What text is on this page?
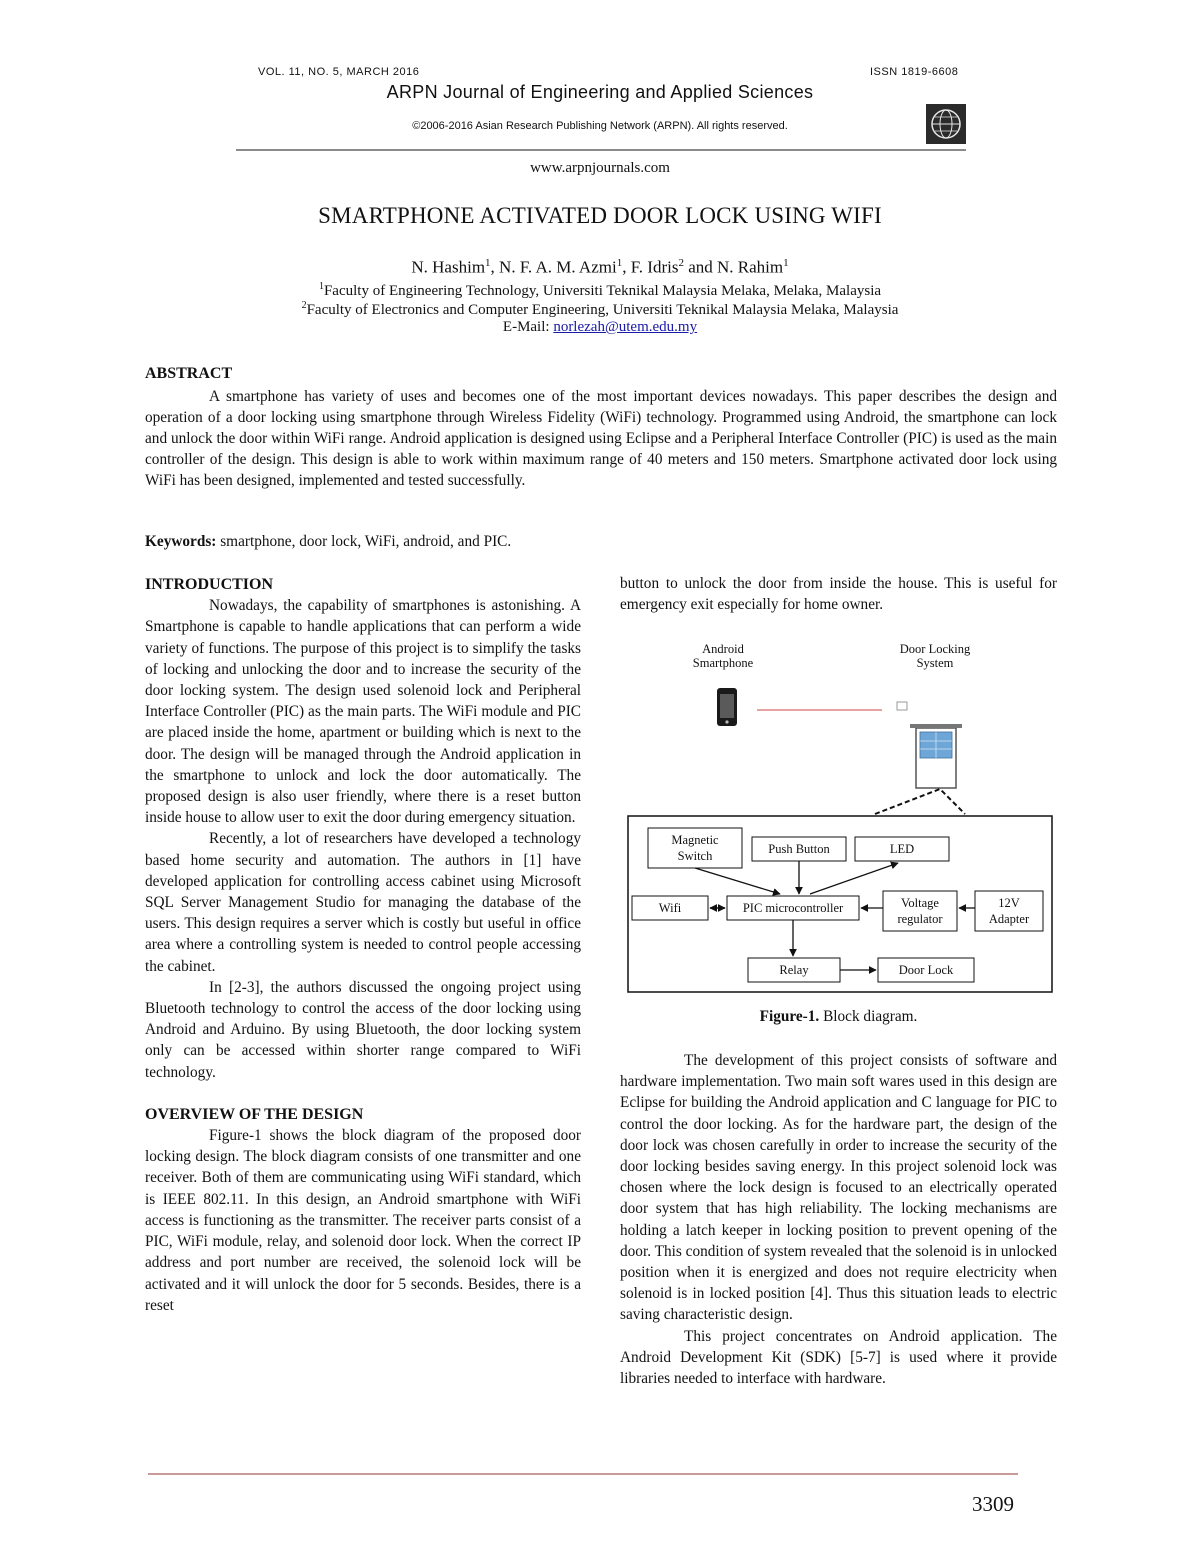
VOL. 11, NO. 5, MARCH 2016	ISSN 1819-6608
ARPN Journal of Engineering and Applied Sciences
©2006-2016 Asian Research Publishing Network (ARPN). All rights reserved.
www.arpnjournals.com
SMARTPHONE ACTIVATED DOOR LOCK USING WIFI
N. Hashim$^1$, N. F. A. M. Azmi$^1$, F. Idris$^2$ and N. Rahim$^1$
$^1$Faculty of Engineering Technology, Universiti Teknikal Malaysia Melaka, Melaka, Malaysia
$^2$Faculty of Electronics and Computer Engineering, Universiti Teknikal Malaysia Melaka, Malaysia
E-Mail: norlezah@utem.edu.my
ABSTRACT
A smartphone has variety of uses and becomes one of the most important devices nowadays. This paper describes the design and operation of a door locking using smartphone through Wireless Fidelity (WiFi) technology. Programmed using Android, the smartphone can lock and unlock the door within WiFi range. Android application is designed using Eclipse and a Peripheral Interface Controller (PIC) is used as the main controller of the design. This design is able to work within maximum range of 40 meters and 150 meters. Smartphone activated door lock using WiFi has been designed, implemented and tested successfully.
Keywords: smartphone, door lock, WiFi, android, and PIC.

INTRODUCTION

Nowadays, the capability of smartphones is astonishing. A Smartphone is capable to handle applications that can perform a wide variety of functions. The purpose of this project is to simplify the tasks of locking and unlocking the door and to increase the security of the door locking system. The design used solenoid lock and Peripheral Interface Controller (PIC) as the main parts. The WiFi module and PIC are placed inside the home, apartment or building which is next to the door. The design will be managed through the Android application in the smartphone to unlock and lock the door automatically. The proposed design is also user friendly, where there is a reset button inside house to allow user to exit the door during emergency situation.

Recently, a lot of researchers have developed a technology based home security and automation. The authors in [1] have developed application for controlling access cabinet using Microsoft SQL Server Management Studio for managing the database of the users. This design requires a server which is costly but useful in office area where a controlling system is needed to control people accessing the cabinet.

In [2-3], the authors discussed the ongoing project using Bluetooth technology to control the access of the door locking using Android and Arduino. By using Bluetooth, the door locking system only can be accessed within shorter range compared to WiFi technology.

OVERVIEW OF THE DESIGN

Figure-1 shows the block diagram of the proposed door locking design. The block diagram consists of one transmitter and one receiver. Both of them are communicating using WiFi standard, which is IEEE 802.11. In this design, an Android smartphone with WiFi access is functioning as the transmitter. The receiver parts consist of a PIC, WiFi module, relay, and solenoid door lock. When the correct IP address and port number are received, the solenoid lock will be activated and it will unlock the door for 5 seconds. Besides, there is a reset

button to unlock the door from inside the house. This is useful for emergency exit especially for home owner.

Android
Smartphone
Door Locking
System
Magnetic
Switch	Push Button	LED
Wifi	PIC microcontroller	Voltage
regulator
12V
Adapter
Relay	Door Lock
Figure-1. Block diagram.

The development of this project consists of software and hardware implementation. Two main soft wares used in this design are Eclipse for building the Android application and C language for PIC to control the door locking. As for the hardware part, the design of the door lock was chosen carefully in order to increase the security of the door locking besides saving energy. In this project solenoid lock was chosen where the lock design is focused to an electrically operated door system that has high reliability. The locking mechanisms are holding a latch keeper in locking position to prevent opening of the door. This condition of system revealed that the solenoid is in unlocked position when it is energized and does not require electricity when solenoid is in locked position [4]. Thus this situation leads to electric saving characteristic design.

This project concentrates on Android application. The Android Development Kit (SDK) [5-7] is used where it provide libraries needed to interface with hardware.

3309
